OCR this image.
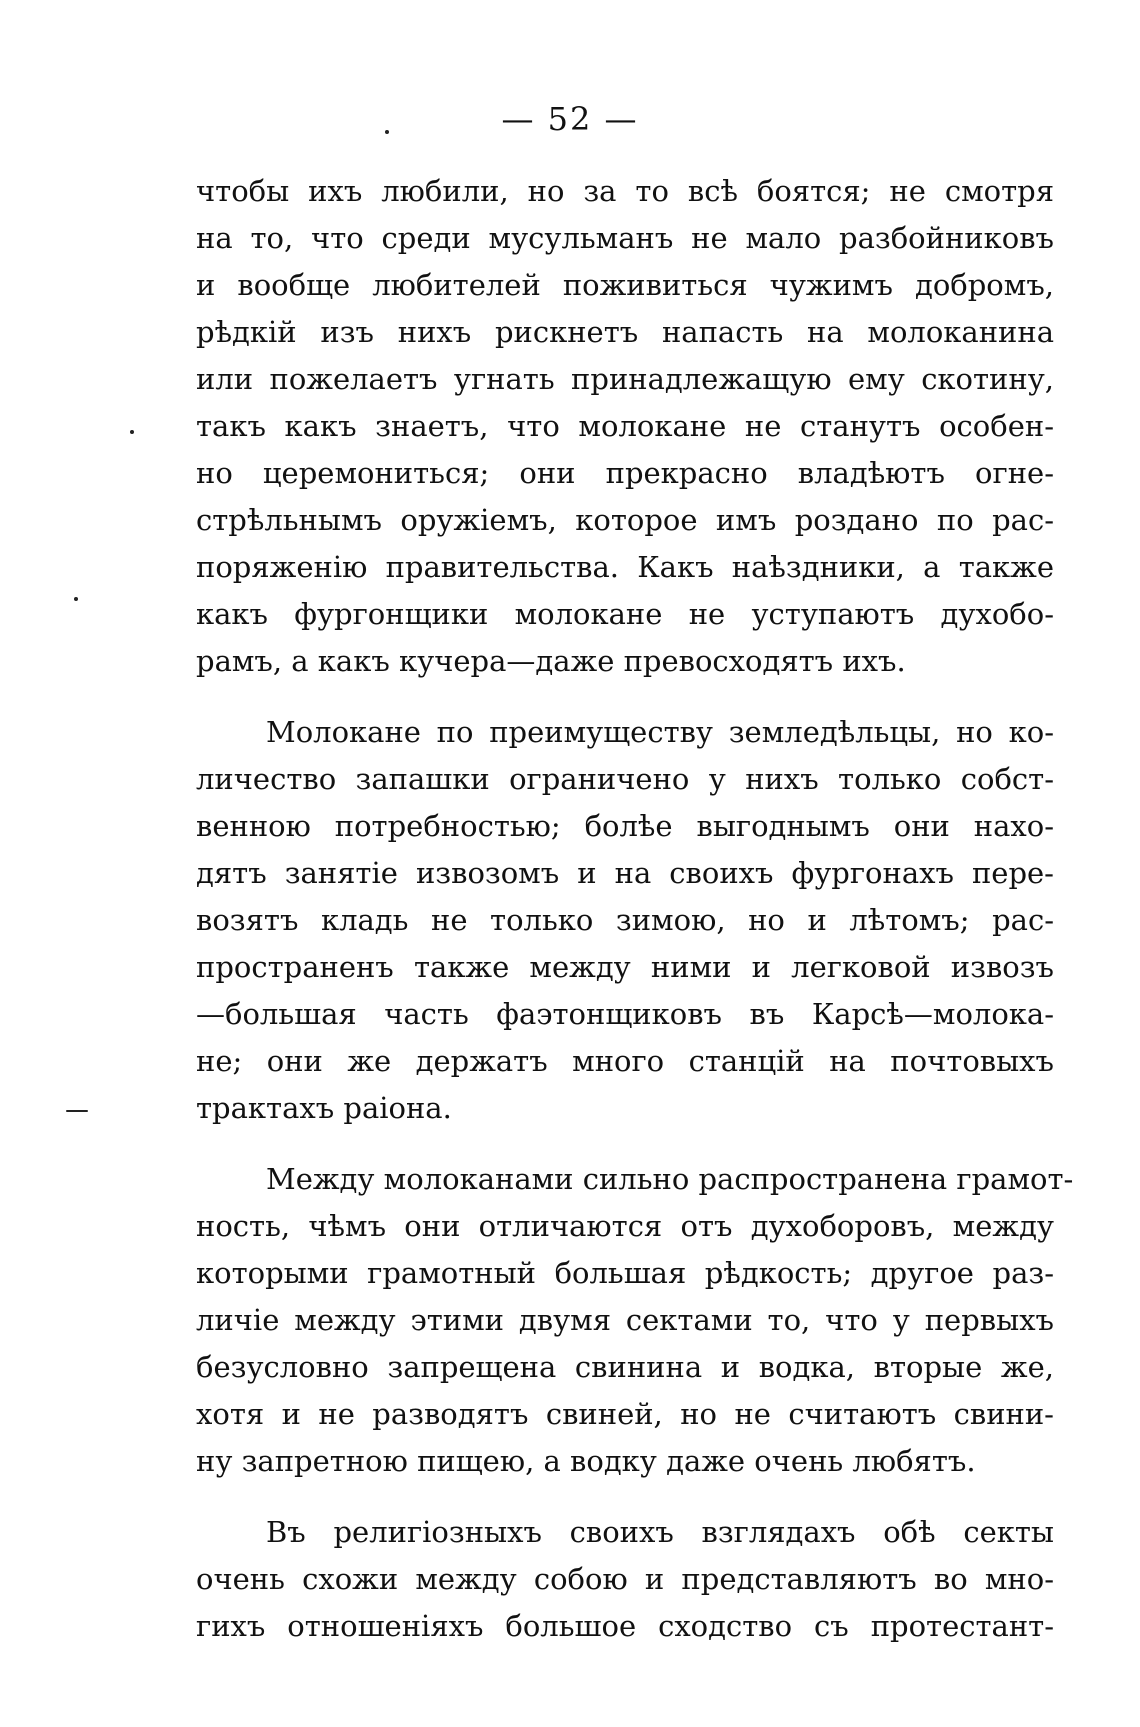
— 52 —
чтобы ихъ любили, но за то всѣ боятся; не смотря
на то, что среди мусульманъ не мало разбойниковъ
и вообще любителей поживиться чужимъ добромъ,
рѣдкій изъ нихъ рискнетъ напасть на молоканина
или пожелаетъ угнать принадлежащую ему скотину,
такъ какъ знаетъ, что молокане не станутъ особен-
но церемониться; они прекрасно владѣютъ огне-
стрѣльнымъ оружіемъ, которое имъ роздано по рас-
поряженію правительства. Какъ наѣздники, а также
какъ фургонщики молокане не уступаютъ духобо-
рамъ, а какъ кучера—даже превосходятъ ихъ.
Молокане по преимуществу земледѣльцы, но ко-
личество запашки ограничено у нихъ только собст-
венною потребностью; болѣе выгоднымъ они нахо-
дятъ занятіе извозомъ и на своихъ фургонахъ пере-
возятъ кладь не только зимою, но и лѣтомъ; рас-
пространенъ также между ними и легковой извозъ
—большая часть фаэтонщиковъ въ Карсѣ—молока-
не; они же держатъ много станцій на почтовыхъ
трактахъ раіона.
Между молоканами сильно распространена грамот-
ность, чѣмъ они отличаются отъ духоборовъ, между
которыми грамотный большая рѣдкость; другое раз-
личіе между этими двумя сектами то, что у первыхъ
безусловно запрещена свинина и водка, вторые же,
хотя и не разводятъ свиней, но не считаютъ свини-
ну запретною пищею, а водку даже очень любятъ.
Въ религіозныхъ своихъ взглядахъ обѣ секты
очень схожи между собою и представляютъ во мно-
гихъ отношеніяхъ большое сходство съ протестант-
